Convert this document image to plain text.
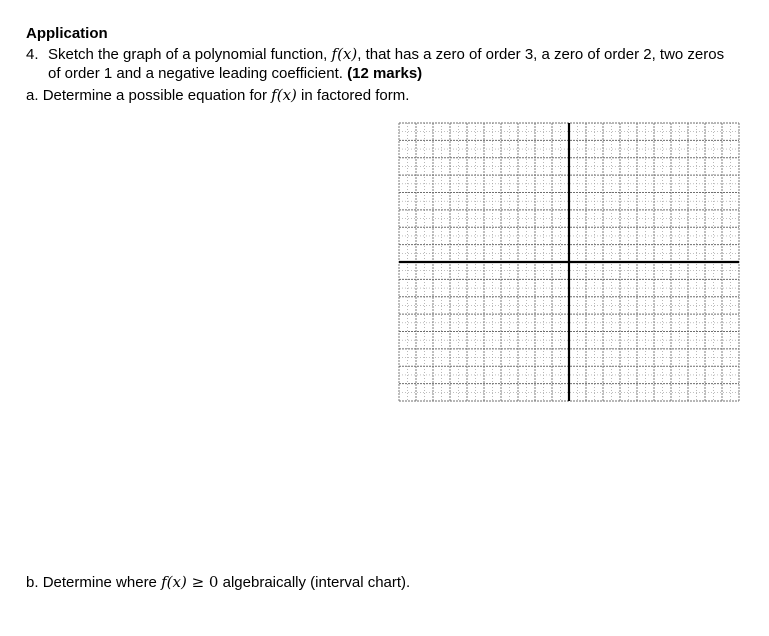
Application
4. Sketch the graph of a polynomial function, f(x), that has a zero of order 3, a zero of order 2, two zeros
of order 1 and a negative leading coefficient. (12 marks)
a. Determine a possible equation for f(x) in factored form.
b. Determine where f(x) ≥ 0 algebraically (interval chart).
